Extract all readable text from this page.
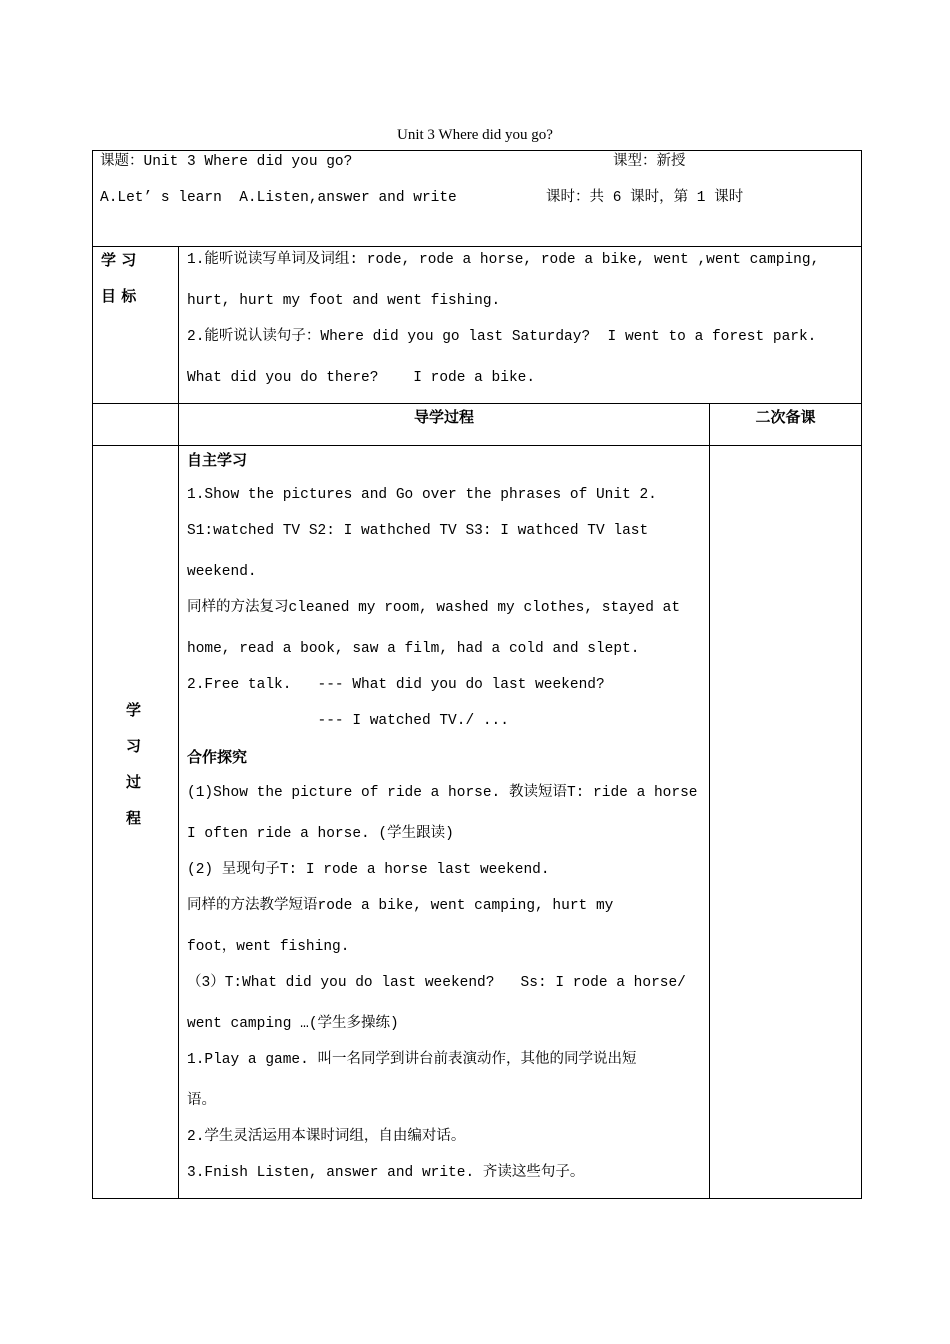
Unit 3 Where did you go?
课题：Unit 3 Where did you go?	课型：新授
A.Let’ s learn  A.Listen,answer and write	课时：共 6 课时，第 1 课时
学 习
目 标
1.能听说读写单词及词组: rode, rode a horse, rode a bike, went ,went camping,
hurt, hurt my foot and went fishing.
2.能听说认读句子：Where did you go last Saturday?  I went to a forest park.
What did you do there?    I rode a bike.
导学过程	二次备课
学
习
过
程
自主学习
1.Show the pictures and Go over the phrases of Unit 2.
S1:watched TV S2: I wathched TV S3: I wathced TV last
weekend.
同样的方法复习cleaned my room, washed my clothes, stayed at
home, read a book, saw a film, had a cold and slept.
2.Free talk.   --- What did you do last weekend?
--- I watched TV./ ...
合作探究
(1)Show the picture of ride a horse. 教读短语T: ride a horse
I often ride a horse. (学生跟读)
(2) 呈现句子T: I rode a horse last weekend.
同样的方法教学短语rode a bike, went camping, hurt my
foot，went fishing.
（3）T:What did you do last weekend?   Ss: I rode a horse/
went camping …(学生多操练)
1.Play a game. 叫一名同学到讲台前表演动作，其他的同学说出短
语。
2.学生灵活运用本课时词组，自由编对话。
3.Fnish Listen, answer and write. 齐读这些句子。
